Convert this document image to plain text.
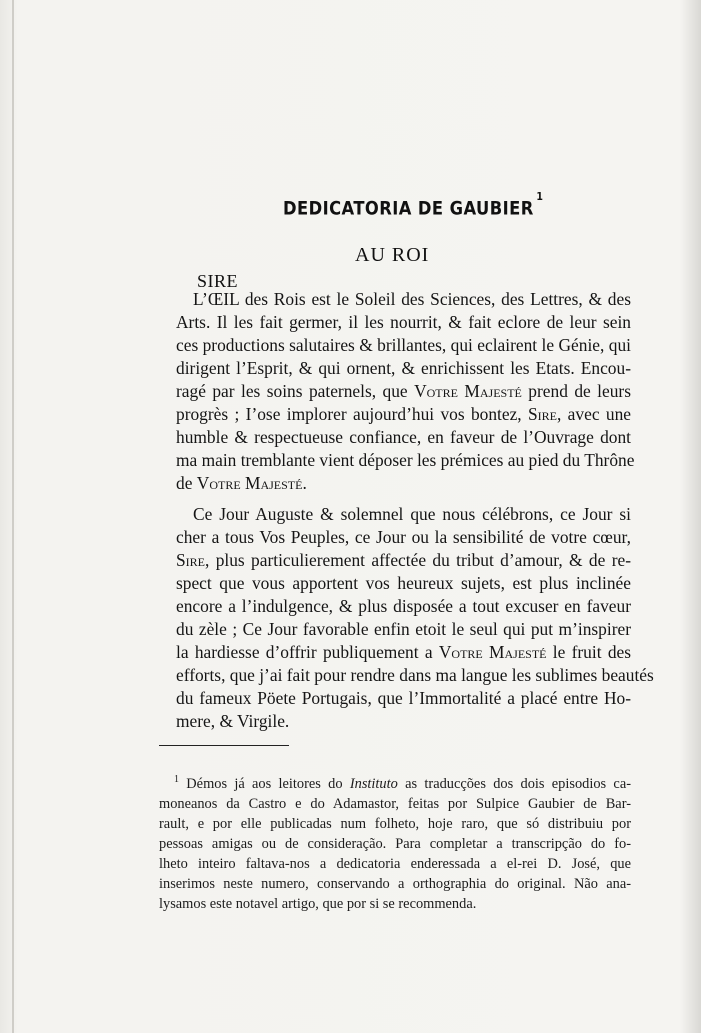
DEDICATORIA DE GAUBIER$^1$
AU ROI
SIRE

L’ŒIL des Rois est le Soleil des Sciences, des Lettres, & des
Arts. Il les fait germer, il les nourrit, & fait eclore de leur sein
ces productions salutaires & brillantes, qui eclairent le Génie, qui
dirigent l’Esprit, & qui ornent, & enrichissent les Etats. Encou-
ragé par les soins paternels, que Votre Majesté prend de leurs
progrès ; I’ose implorer aujourd’hui vos bontez, Sire, avec une
humble & respectueuse confiance, en faveur de l’Ouvrage dont
ma main tremblante vient déposer les prémices au pied du Thrône
de Votre Majesté.

Ce Jour Auguste & solemnel que nous célébrons, ce Jour si
cher a tous Vos Peuples, ce Jour ou la sensibilité de votre cœur,
Sire, plus particulierement affectée du tribut d’amour, & de re-
spect que vous apportent vos heureux sujets, est plus inclinée
encore a l’indulgence, & plus disposée a tout excuser en faveur
du zèle ; Ce Jour favorable enfin etoit le seul qui put m’inspirer
la hardiesse d’offrir publiquement a Votre Majesté le fruit des
efforts, que j’ai fait pour rendre dans ma langue les sublimes beautés
du fameux Pöete Portugais, que l’Immortalité a placé entre Ho-
mere, & Virgile.

$^1$ Démos já aos leitores do Instituto as traducções dos dois episodios ca-
moneanos da Castro e do Adamastor, feitas por Sulpice Gaubier de Bar-
rault, e por elle publicadas num folheto, hoje raro, que só distribuiu por
pessoas amigas ou de consideração. Para completar a transcripção do fo-
lheto inteiro faltava-nos a dedicatoria enderessada a el-rei D. José, que
inserimos neste numero, conservando a orthographia do original. Não ana-
lysamos este notavel artigo, que por si se recommenda.
